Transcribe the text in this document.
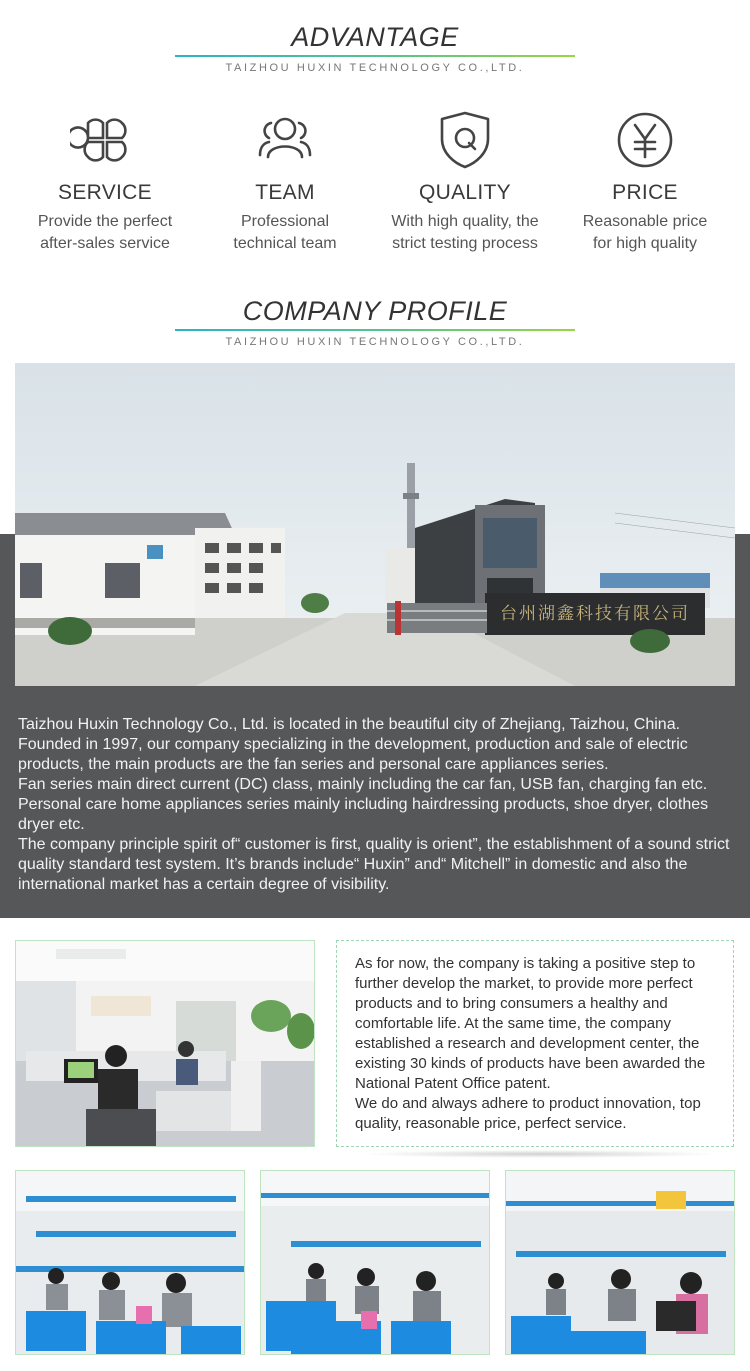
ADVANTAGE
TAIZHOU HUXIN TECHNOLOGY CO.,LTD.
SERVICE
Provide the perfect
after-sales service
TEAM
Professional
technical team
QUALITY
With high quality, the
strict testing process
PRICE
Reasonable price
for high quality
COMPANY PROFILE
TAIZHOU HUXIN TECHNOLOGY CO.,LTD.
台州湖鑫科技有限公司

Taizhou Huxin Technology Co., Ltd. is located in the beautiful city of Zhejiang, Taizhou, China. Founded in 1997, our company specializing in the development, production and sale of electric products, the main products are the fan series and personal care appliances series.

Fan series main direct current (DC) class, mainly including the car fan, USB fan, charging fan etc. Personal care home appliances series mainly including hairdressing products, shoe dryer, clothes dryer etc.

The company principle spirit of“ customer is first, quality is orient”, the establishment of a sound strict quality standard test system. It’s brands include“ Huxin” and“ Mitchell” in domestic and also the international market has a certain degree of visibility.

As for now, the company is taking a positive step to further develop the market, to provide more perfect products and to bring consumers a healthy and comfortable life. At the same time, the company established a research and development center, the existing 30 kinds of products have been awarded the National Patent Office patent.

We do and always adhere to product innovation, top quality, reasonable price, perfect service.
